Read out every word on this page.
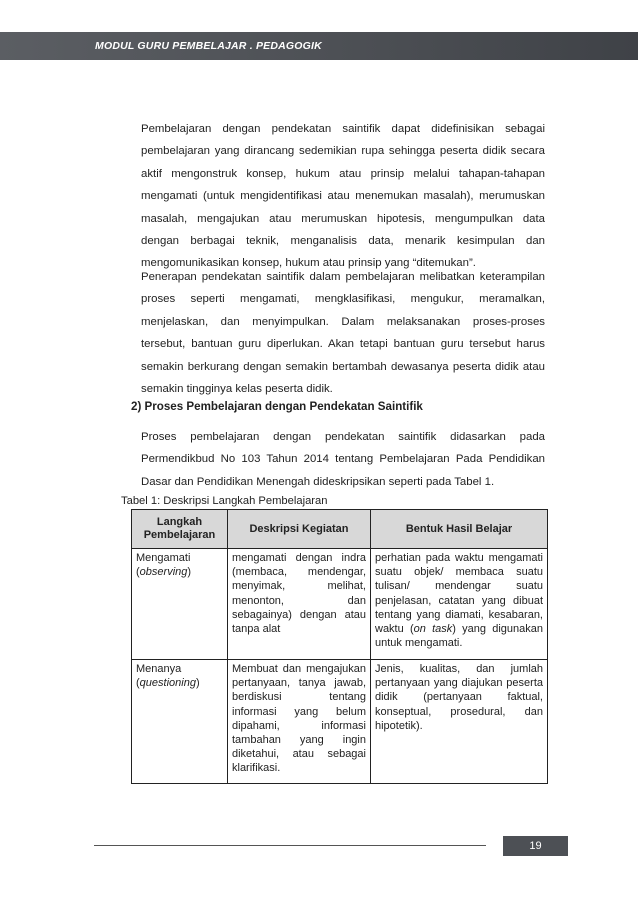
MODUL GURU PEMBELAJAR . PEDAGOGIK

Pembelajaran dengan pendekatan saintifik dapat didefinisikan sebagai pembelajaran yang dirancang sedemikian rupa sehingga peserta didik secara aktif mengonstruk konsep, hukum atau prinsip melalui tahapan-tahapan mengamati (untuk mengidentifikasi atau menemukan masalah), merumuskan masalah, mengajukan atau merumuskan hipotesis, mengumpulkan data dengan berbagai teknik, menganalisis data, menarik kesimpulan dan mengomunikasikan konsep, hukum atau prinsip yang “ditemukan”.

Penerapan pendekatan saintifik dalam pembelajaran melibatkan keterampilan proses seperti mengamati, mengklasifikasi, mengukur, meramalkan, menjelaskan, dan menyimpulkan. Dalam melaksanakan proses-proses tersebut, bantuan guru diperlukan. Akan tetapi bantuan guru tersebut harus semakin berkurang dengan semakin bertambah dewasanya peserta didik atau semakin tingginya kelas peserta didik.

2) Proses Pembelajaran dengan Pendekatan Saintifik

Proses pembelajaran dengan pendekatan saintifik didasarkan pada Permendikbud No 103 Tahun 2014 tentang Pembelajaran Pada Pendidikan Dasar dan Pendidikan Menengah dideskripsikan seperti pada Tabel 1.

Tabel 1: Deskripsi Langkah Pembelajaran
Langkah
Pembelajaran	Deskripsi Kegiatan	Bentuk Hasil Belajar
Mengamati
(observing)	mengamati dengan indra (membaca, mendengar, menyimak, melihat, menonton, dan sebagainya) dengan atau tanpa alat	perhatian pada waktu mengamati suatu objek/ membaca suatu tulisan/ mendengar suatu penjelasan, catatan yang dibuat tentang yang diamati, kesabaran, waktu (on task) yang digunakan untuk mengamati.
Menanya
(questioning)	Membuat dan mengajukan pertanyaan, tanya jawab, berdiskusi tentang informasi yang belum dipahami, informasi tambahan yang ingin diketahui, atau sebagai klarifikasi.	Jenis, kualitas, dan jumlah pertanyaan yang diajukan peserta didik (pertanyaan faktual, konseptual, prosedural, dan hipotetik).
19
